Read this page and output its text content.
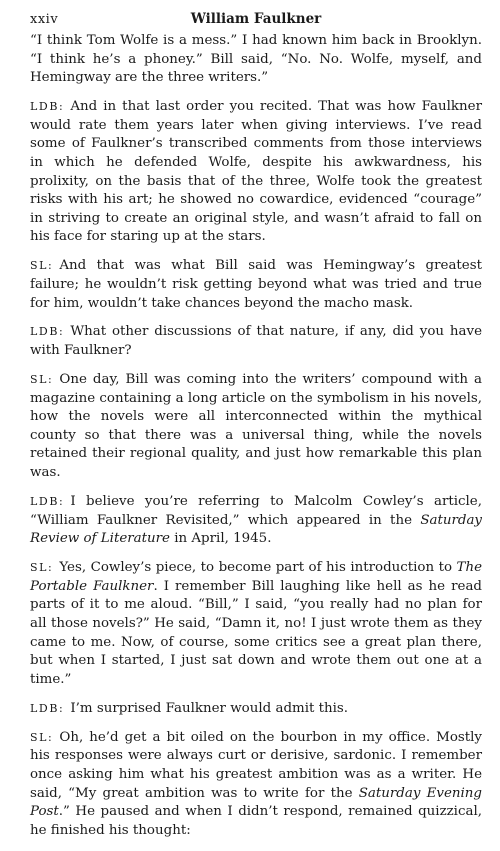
xxiv	William Faulkner

“I think Tom Wolfe is a mess.” I had known him back in Brooklyn. “I think he’s a phoney.” Bill said, “No. No. Wolfe, myself, and Hemingway are the three writers.”

LDB: And in that last order you recited. That was how Faulkner would rate them years later when giving interviews. I’ve read some of Faulkner’s transcribed comments from those interviews in which he defended Wolfe, despite his awkwardness, his prolixity, on the basis that of the three, Wolfe took the greatest risks with his art; he showed no cowardice, evidenced “courage” in striving to create an original style, and wasn’t afraid to fall on his face for staring up at the stars.

SL: And that was what Bill said was Hemingway’s greatest failure; he wouldn’t risk getting beyond what was tried and true for him, wouldn’t take chances beyond the macho mask.

LDB: What other discussions of that nature, if any, did you have with Faulkner?

SL: One day, Bill was coming into the writers’ compound with a magazine containing a long article on the symbolism in his novels, how the novels were all interconnected within the mythical county so that there was a universal thing, while the novels retained their regional quality, and just how remarkable this plan was.

LDB: I believe you’re referring to Malcolm Cowley’s article, “William Faulkner Revisited,” which appeared in the Saturday Review of Literature in April, 1945.

SL: Yes, Cowley’s piece, to become part of his introduction to The Portable Faulkner. I remember Bill laughing like hell as he read parts of it to me aloud. “Bill,” I said, “you really had no plan for all those novels?” He said, “Damn it, no! I just wrote them as they came to me. Now, of course, some critics see a great plan there, but when I started, I just sat down and wrote them out one at a time.”

LDB: I’m surprised Faulkner would admit this.

SL: Oh, he’d get a bit oiled on the bourbon in my office. Mostly his responses were always curt or derisive, sardonic. I remember once asking him what his greatest ambition was as a writer. He said, “My great ambition was to write for the Saturday Evening Post.” He paused and when I didn’t respond, remained quizzical, he finished his thought:
